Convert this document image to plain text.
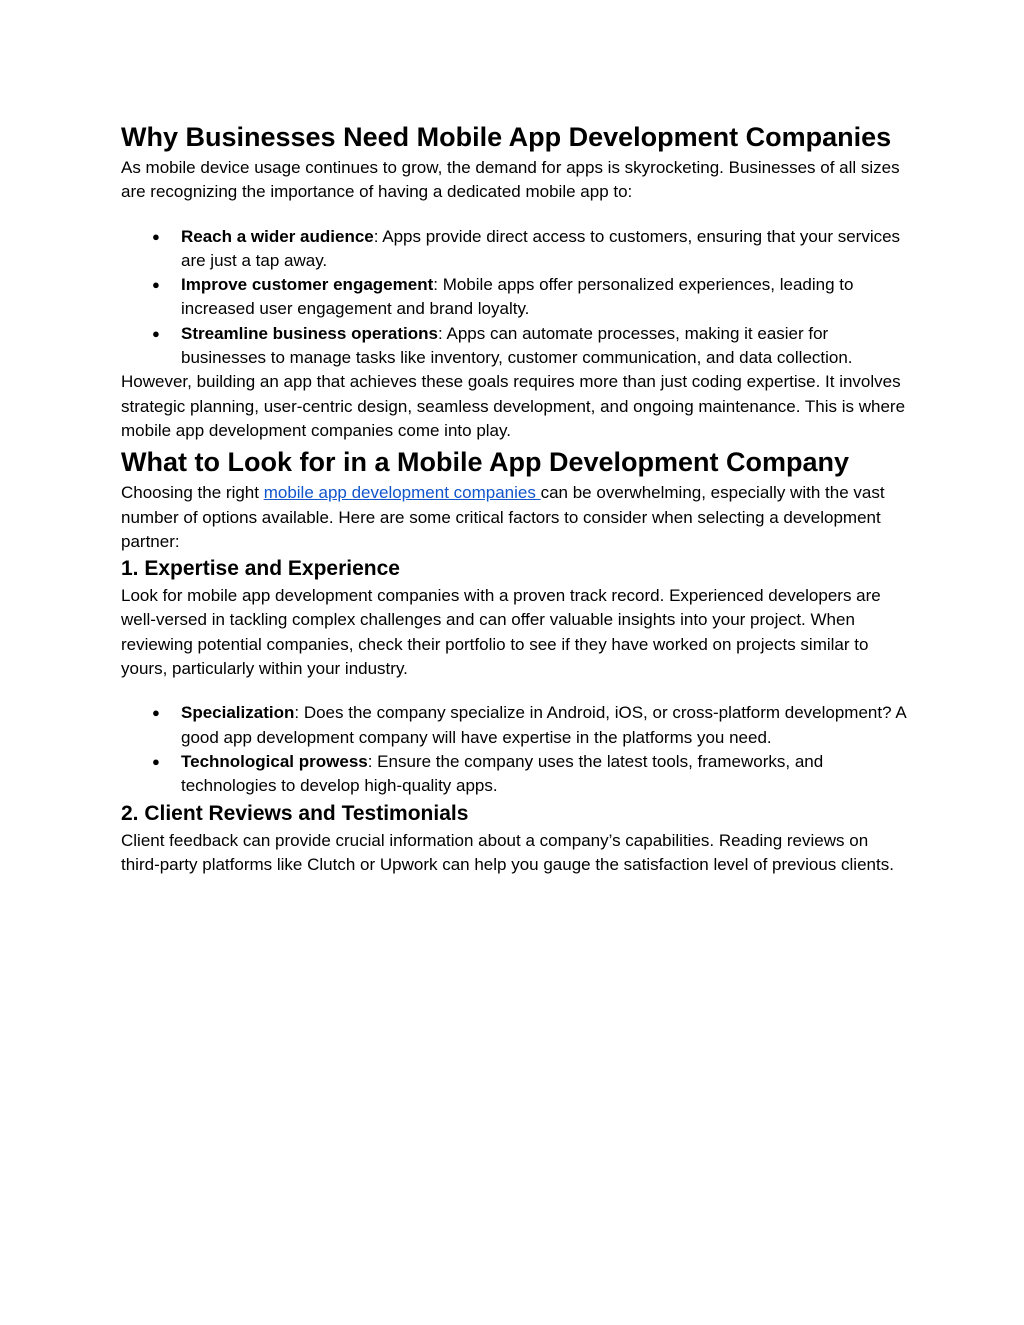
Why Businesses Need Mobile App Development Companies

As mobile device usage continues to grow, the demand for apps is skyrocketing. Businesses of all sizes are recognizing the importance of having a dedicated mobile app to:

● Reach a wider audience: Apps provide direct access to customers, ensuring that your services are just a tap away.
● Improve customer engagement: Mobile apps offer personalized experiences, leading to increased user engagement and brand loyalty.
● Streamline business operations: Apps can automate processes, making it easier for businesses to manage tasks like inventory, customer communication, and data collection.

However, building an app that achieves these goals requires more than just coding expertise. It involves strategic planning, user-centric design, seamless development, and ongoing maintenance. This is where mobile app development companies come into play.

What to Look for in a Mobile App Development Company

Choosing the right mobile app development companies can be overwhelming, especially with the vast number of options available. Here are some critical factors to consider when selecting a development partner:

1. Expertise and Experience

Look for mobile app development companies with a proven track record. Experienced developers are well-versed in tackling complex challenges and can offer valuable insights into your project. When reviewing potential companies, check their portfolio to see if they have worked on projects similar to yours, particularly within your industry.

● Specialization: Does the company specialize in Android, iOS, or cross-platform development? A good app development company will have expertise in the platforms you need.
● Technological prowess: Ensure the company uses the latest tools, frameworks, and technologies to develop high-quality apps.
2. Client Reviews and Testimonials

Client feedback can provide crucial information about a company’s capabilities. Reading reviews on third-party platforms like Clutch or Upwork can help you gauge the satisfaction level of previous clients.
